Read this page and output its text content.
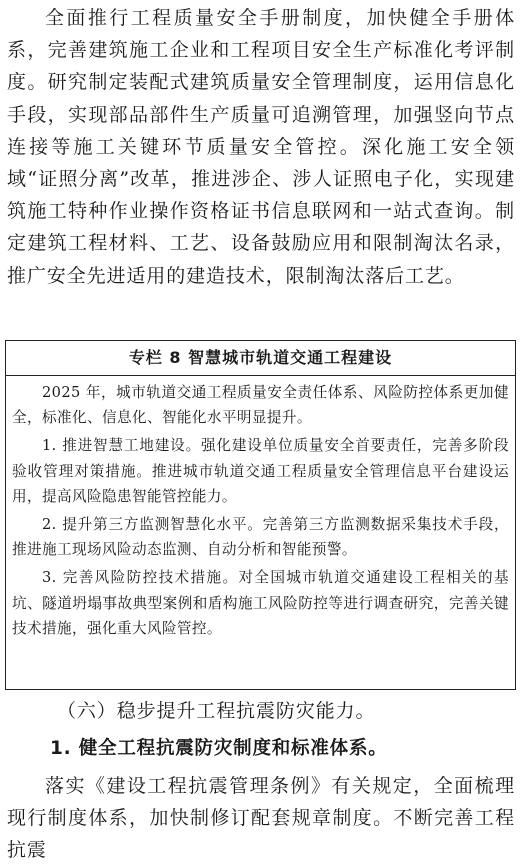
全面推行工程质量安全手册制度，加快健全手册体系，完善建筑施工企业和工程项目安全生产标准化考评制度。研究制定装配式建筑质量安全管理制度，运用信息化手段，实现部品部件生产质量可追溯管理，加强竖向节点连接等施工关键环节质量安全管控。深化施工安全领域“证照分离”改革，推进涉企、涉人证照电子化，实现建筑施工特种作业操作资格证书信息联网和一站式查询。制定建筑工程材料、工艺、设备鼓励应用和限制淘汰名录，推广安全先进适用的建造技术，限制淘汰落后工艺。

专栏 8 智慧城市轨道交通工程建设

2025 年，城市轨道交通工程质量安全责任体系、风险防控体系更加健全，标准化、信息化、智能化水平明显提升。

1. 推进智慧工地建设。强化建设单位质量安全首要责任，完善多阶段验收管理对策措施。推进城市轨道交通工程质量安全管理信息平台建设运用，提高风险隐患智能管控能力。

2. 提升第三方监测智慧化水平。完善第三方监测数据采集技术手段，推进施工现场风险动态监测、自动分析和智能预警。

3. 完善风险防控技术措施。对全国城市轨道交通建设工程相关的基坑、隧道坍塌事故典型案例和盾构施工风险防控等进行调查研究，完善关键技术措施，强化重大风险管控。

（六）稳步提升工程抗震防灾能力。

1. 健全工程抗震防灾制度和标准体系。

落实《建设工程抗震管理条例》有关规定，全面梳理现行制度体系，加快制修订配套规章制度。不断完善工程抗震
